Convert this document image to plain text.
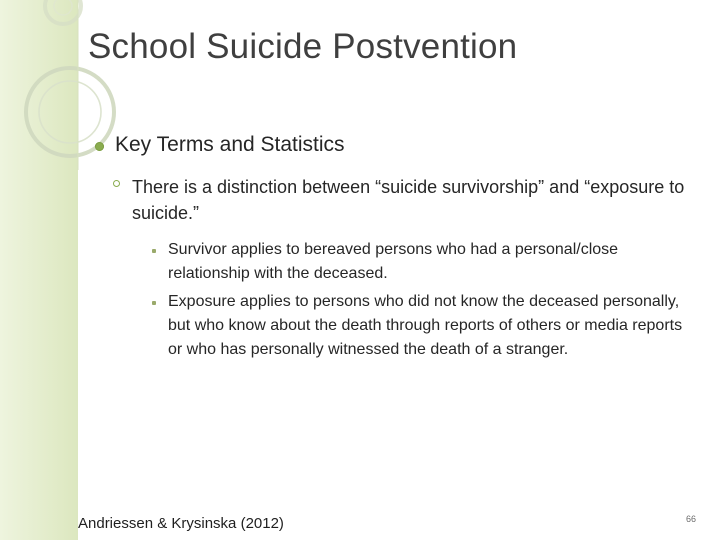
School Suicide Postvention
Key Terms and Statistics
There is a distinction between “suicide survivorship” and “exposure to suicide.”
Survivor applies to bereaved persons who had a personal/close relationship with the deceased.
Exposure applies to persons who did not know the deceased personally, but who know about the death through reports of others or media reports or who has personally witnessed the death of a stranger.
Andriessen & Krysinska (2012)	66
